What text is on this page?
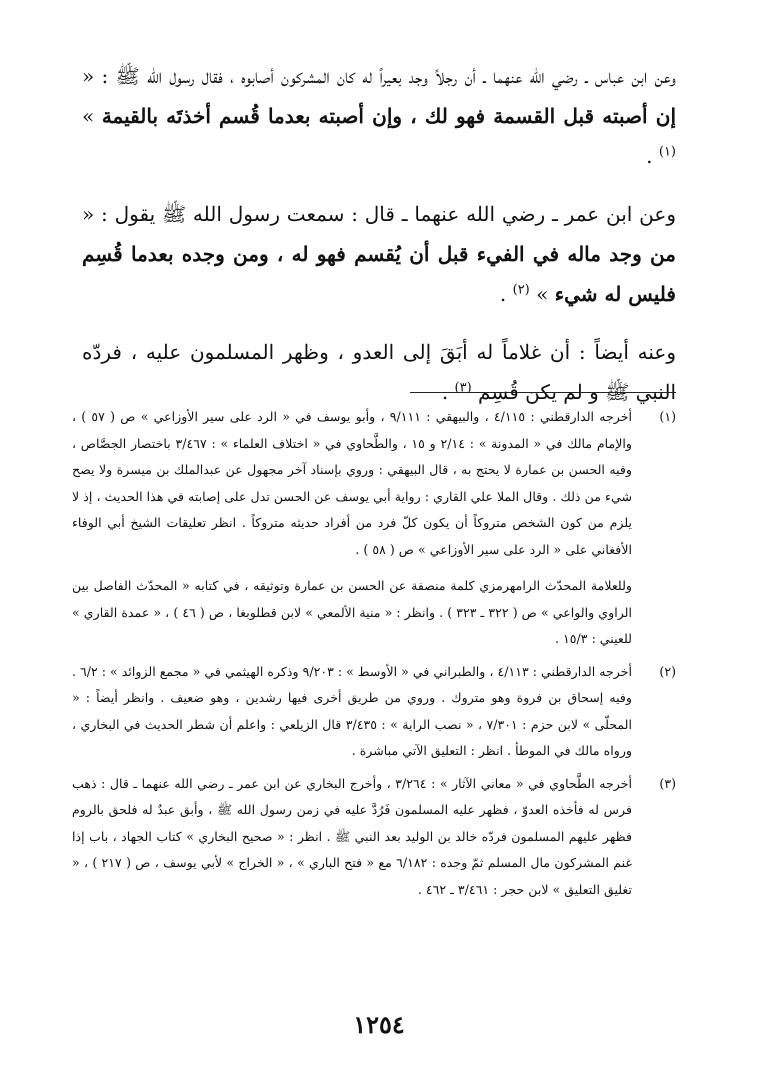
وعن ابن عباس ـ رضي الله عنهما ـ أن رجلاً وجد بعيراً له كان المشركون أصابوه ، فقال رسول الله ﷺ : « إن أصبته قبل القسمة فهو لك ، وإن أصبته بعدما قُسم أخذتَه بالقيمة » $^{(١)}$ .

وعن ابن عمر ـ رضي الله عنهما ـ قال : سمعت رسول الله ﷺ يقول : « من وجد ماله في الفيء قبل أن يُقسم فهو له ، ومن وجده بعدما قُسِم فليس له شيء » $^{(٢)}$ .

وعنه أيضاً : أن غلاماً له أبَقَ إلى العدو ، وظهر المسلمون عليه ، فردّه النبي ﷺ و لم يكن قُسِم $^{(٣)}$ .

(١)

أخرجه الدارقطني : ٤/١١٥ ، والبيهقي : ٩/١١١ ، وأبو يوسف في « الرد على سير الأوزاعي » ص ( ٥٧ ) ، والإمام مالك في « المدونة » : ٢/١٤ و ١٥ ، والطَّحاوي في « اختلاف العلماء » : ٣/٤٦٧ باختصار الجصَّاص ، وفيه الحسن بن عمارة لا يحتج به ، قال البيهقي : وروي بإسناد آخر مجهول عن عبدالملك بن ميسرة ولا يصح شيء من ذلك . وقال الملا علي القاري : رواية أبي يوسف عن الحسن تدل على إصابته في هذا الحديث ، إذ لا يلزم من كون الشخص متروكاً أن يكون كلّ فرد من أفراد حديثه متروكاً . انظر تعليقات الشيخ أبي الوفاء الأفغاني على « الرد على سير الأوزاعي » ص ( ٥٨ ) .

وللعلامة المحدّث الرامهرمزي كلمة منصفة عن الحسن بن عمارة وتوثيقه ، في كتابه « المحدّث الفاصل بين الراوي والواعي » ص ( ٣٢٢ ـ ٣٢٣ ) . وانظر : « منية الألمعي » لابن قطلوبغا ، ص ( ٤٦ ) ، « عمدة القاري » للعيني : ١٥/٣ .

(٢)

أخرجه الدارقطني : ٤/١١٣ ، والطبراني في « الأوسط » : ٩/٢٠٣ وذكره الهيثمي في « مجمع الزوائد » : ٦/٢ . وفيه إسحاق بن فروة وهو متروك . وروي من طريق أخرى فيها رشدين ، وهو ضعيف . وانظر أيضاً : « المحلّى » لابن حزم : ٧/٣٠١ ، « نصب الراية » : ٣/٤٣٥ قال الزيلعي : واعلم أن شطر الحديث في البخاري ، ورواه مالك في الموطأ . انظر : التعليق الآتي مباشرة .

(٣)

أخرجه الطَّحاوي في « معاني الآثار » : ٣/٢٦٤ ، وأخرج البخاري عن ابن عمر ـ رضي الله عنهما ـ قال : ذهب فرس له فأخذه العدوّ ، فظهر عليه المسلمون فَرُدَّ عليه في زمن رسول الله ﷺ ، وأبق عبدٌ له فلحق بالروم فظهر عليهم المسلمون فردّه خالد بن الوليد بعد النبي ﷺ . انظر : « صحيح البخاري » كتاب الجهاد ، باب إذا غنم المشركون مال المسلم ثمّ وجده : ٦/١٨٢ مع « فتح الباري » ، « الخراج » لأبي يوسف ، ص ( ٢١٧ ) ، « تغليق التعليق » لابن حجر : ٣/٤٦١ ـ ٤٦٢ .

١٢٥٤
